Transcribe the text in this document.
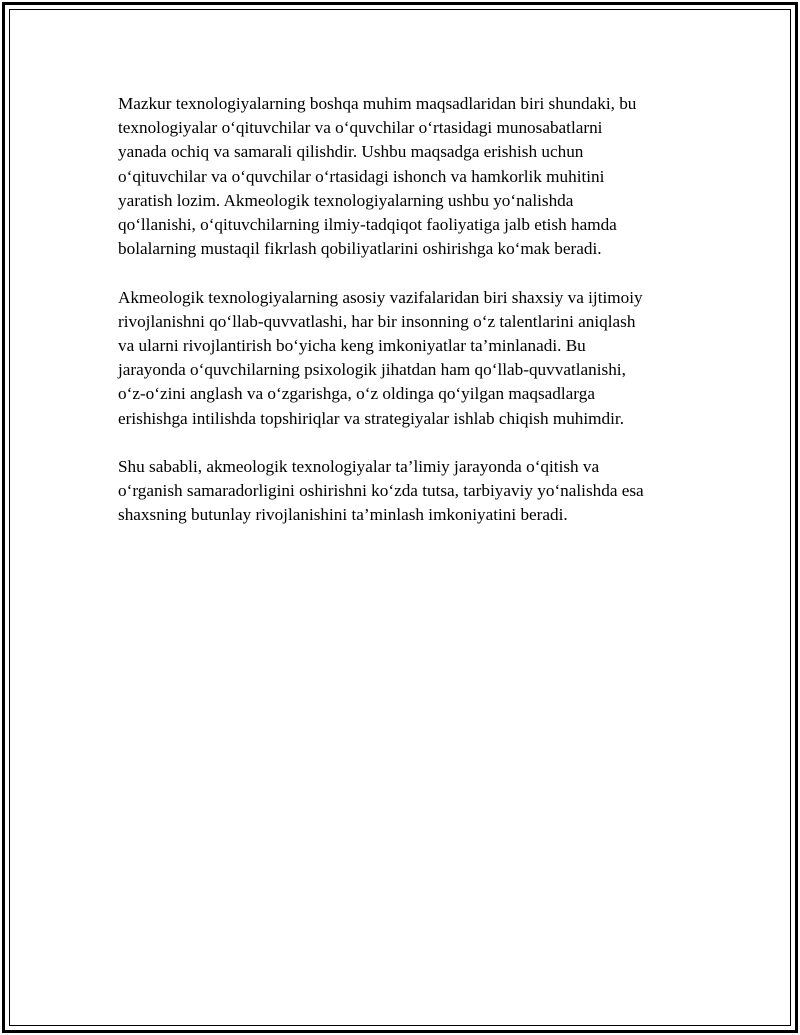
Mazkur texnologiyalarning boshqa muhim maqsadlaridan biri shundaki, bu
texnologiyalar o‘qituvchilar va o‘quvchilar o‘rtasidagi munosabatlarni
yanada ochiq va samarali qilishdir. Ushbu maqsadga erishish uchun
o‘qituvchilar va o‘quvchilar o‘rtasidagi ishonch va hamkorlik muhitini
yaratish lozim. Akmeologik texnologiyalarning ushbu yo‘nalishda
qo‘llanishi, o‘qituvchilarning ilmiy-tadqiqot faoliyatiga jalb etish hamda
bolalarning mustaqil fikrlash qobiliyatlarini oshirishga ko‘mak beradi.

Akmeologik texnologiyalarning asosiy vazifalaridan biri shaxsiy va ijtimoiy
rivojlanishni qo‘llab-quvvatlashi, har bir insonning o‘z talentlarini aniqlash
va ularni rivojlantirish bo‘yicha keng imkoniyatlar ta’minlanadi. Bu
jarayonda o‘quvchilarning psixologik jihatdan ham qo‘llab-quvvatlanishi,
o‘z-o‘zini anglash va o‘zgarishga, o‘z oldinga qo‘yilgan maqsadlarga
erishishga intilishda topshiriqlar va strategiyalar ishlab chiqish muhimdir.

Shu sababli, akmeologik texnologiyalar ta’limiy jarayonda o‘qitish va
o‘rganish samaradorligini oshirishni ko‘zda tutsa, tarbiyaviy yo‘nalishda esa
shaxsning butunlay rivojlanishini ta’minlash imkoniyatini beradi.
